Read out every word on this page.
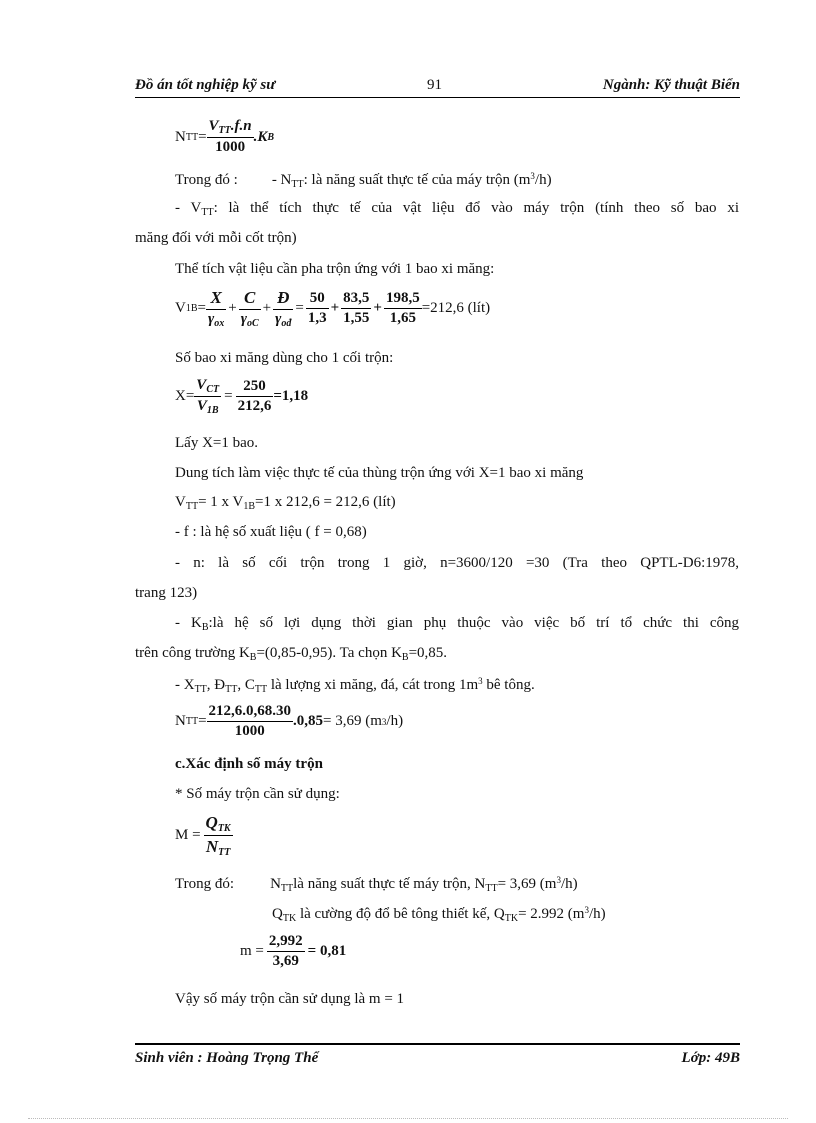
Đồ án tốt nghiệp kỹ sư	91	Ngành: Kỹ thuật Biển
N TT = $\frac{V_{TT}.f.n}{1000} .K$ B
Trong đó : - $N_{TT}$: là năng suất thực tế của máy trộn $(m^3/h)$
- $V_{TT}$: là thể tích thực tế của vật liệu đổ vào máy trộn (tính theo số bao xi
măng đối với mỗi cốt trộn)
Thể tích vật liệu cần pha trộn ứng với 1 bao xi măng:
V $1B = \frac{X}{\gamma_{ox}} + \frac{C}{\gamma_{oC}} + \frac{Đ}{\gamma_{ođ}} = \frac{50}{1,3} + \frac{83,5}{1,55} + \frac{198,5}{1,65} =212,6$ (lít)
Số bao xi măng dùng cho 1 cối trộn:
$X= \frac{V_{CT}}{V_{1B}} = \frac{250}{212,6} =1,18$
Lấy X=1 bao.
Dung tích làm việc thực tế của thùng trộn ứng với X=1 bao xi măng
$V_{TT}= 1$ x $V_{1B}=1$ x 212,6 = 212,6 (lít)
- f : là hệ số xuất liệu ( f = 0,68)
- n: là số cối trộn trong 1 giờ, n=3600/120 =30 (Tra theo QPTL-D6:1978,
trang 123)
- $K_B:là$ hệ số lợi dụng thời gian phụ thuộc vào việc bố trí tổ chức thi công
trên công trường $K_B=(0,85-0,95)$. Ta chọn $K_B=0,85$.
- $X_{TT}$, $Đ_{TT}$, $C_{TT}$ là lượng xi măng, đá, cát trong $1m^3$ bê tông.
N TT = $\frac{212,6.0,68.30}{1000} .0,85 = 3,69$ (m 3 /h)
c.Xác định số máy trộn
* Số máy trộn cần sử dụng:
$M = \frac{Q_{TK}}{N_{TT}}$
Trong đó: $N_{TT}là$ năng suất thực tế máy trộn, $N_{TT}= 3,69$ $(m^3/h)$
$Q_{TK}$ là cường độ đổ bê tông thiết kế, $Q_{TK}= 2.992$ $(m^3/h)$
$m = \frac{2,992}{3,69} = 0,81$
Vậy số máy trộn cần sử dụng là m = 1
Sinh viên : Hoàng Trọng Thể	Lớp: 49B
